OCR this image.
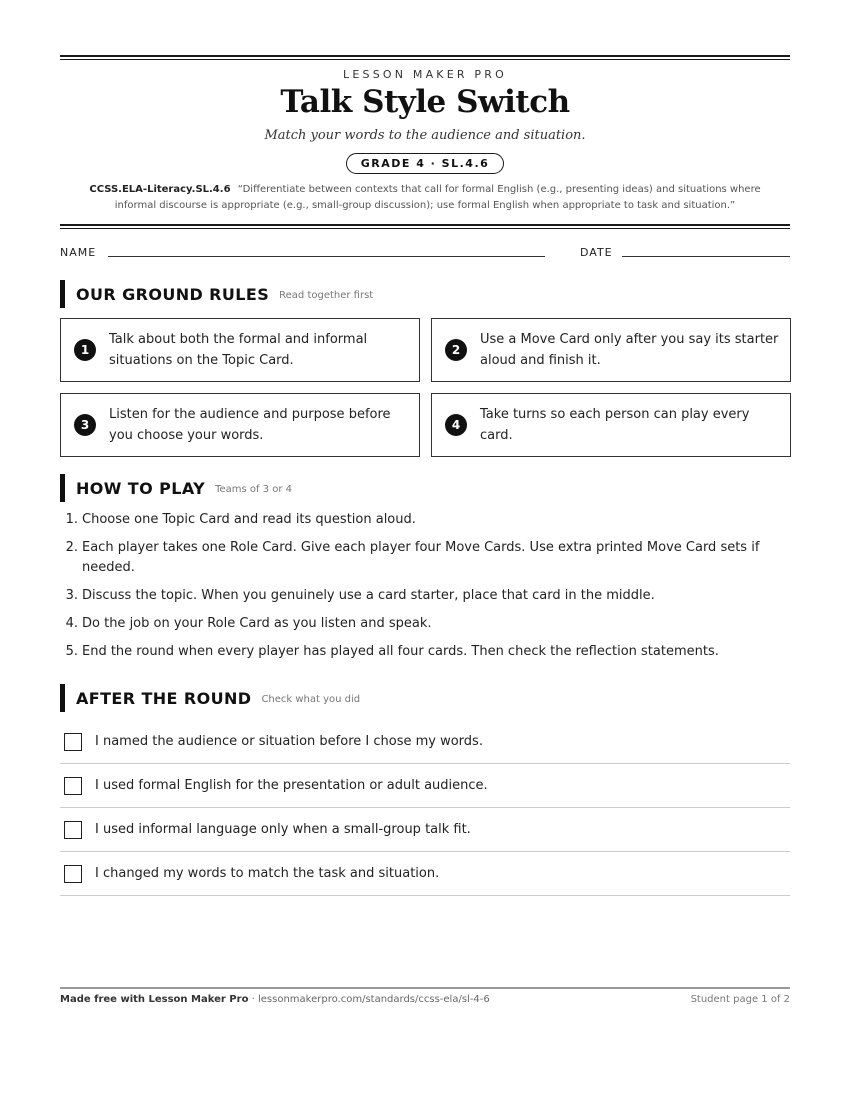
LESSON MAKER PRO
Talk Style Switch
Match your words to the audience and situation.
GRADE 4 · SL.4.6
CCSS.ELA-Literacy.SL.4.6 “Differentiate between contexts that call for formal English (e.g., presenting ideas) and situations where informal discourse is appropriate (e.g., small-group discussion); use formal English when appropriate to task and situation.”
NAME	DATE
OUR GROUND RULES Read together first
1
Talk about both the formal and informal situations on the Topic Card.
2
Use a Move Card only after you say its starter aloud and finish it.
3
Listen for the audience and purpose before you choose your words.
4
Take turns so each person can play every card.
HOW TO PLAY Teams of 3 or 4
1. Choose one Topic Card and read its question aloud.
2. Each player takes one Role Card. Give each player four Move Cards. Use extra printed Move Card sets if needed.
3. Discuss the topic. When you genuinely use a card starter, place that card in the middle.
4. Do the job on your Role Card as you listen and speak.
5. End the round when every player has played all four cards. Then check the reflection statements.
AFTER THE ROUND Check what you did
I named the audience or situation before I chose my words.
I used formal English for the presentation or adult audience.
I used informal language only when a small-group talk fit.
I changed my words to match the task and situation.
Made free with Lesson Maker Pro · lessonmakerpro.com/standards/ccss-ela/sl-4-6	Student page 1 of 2
